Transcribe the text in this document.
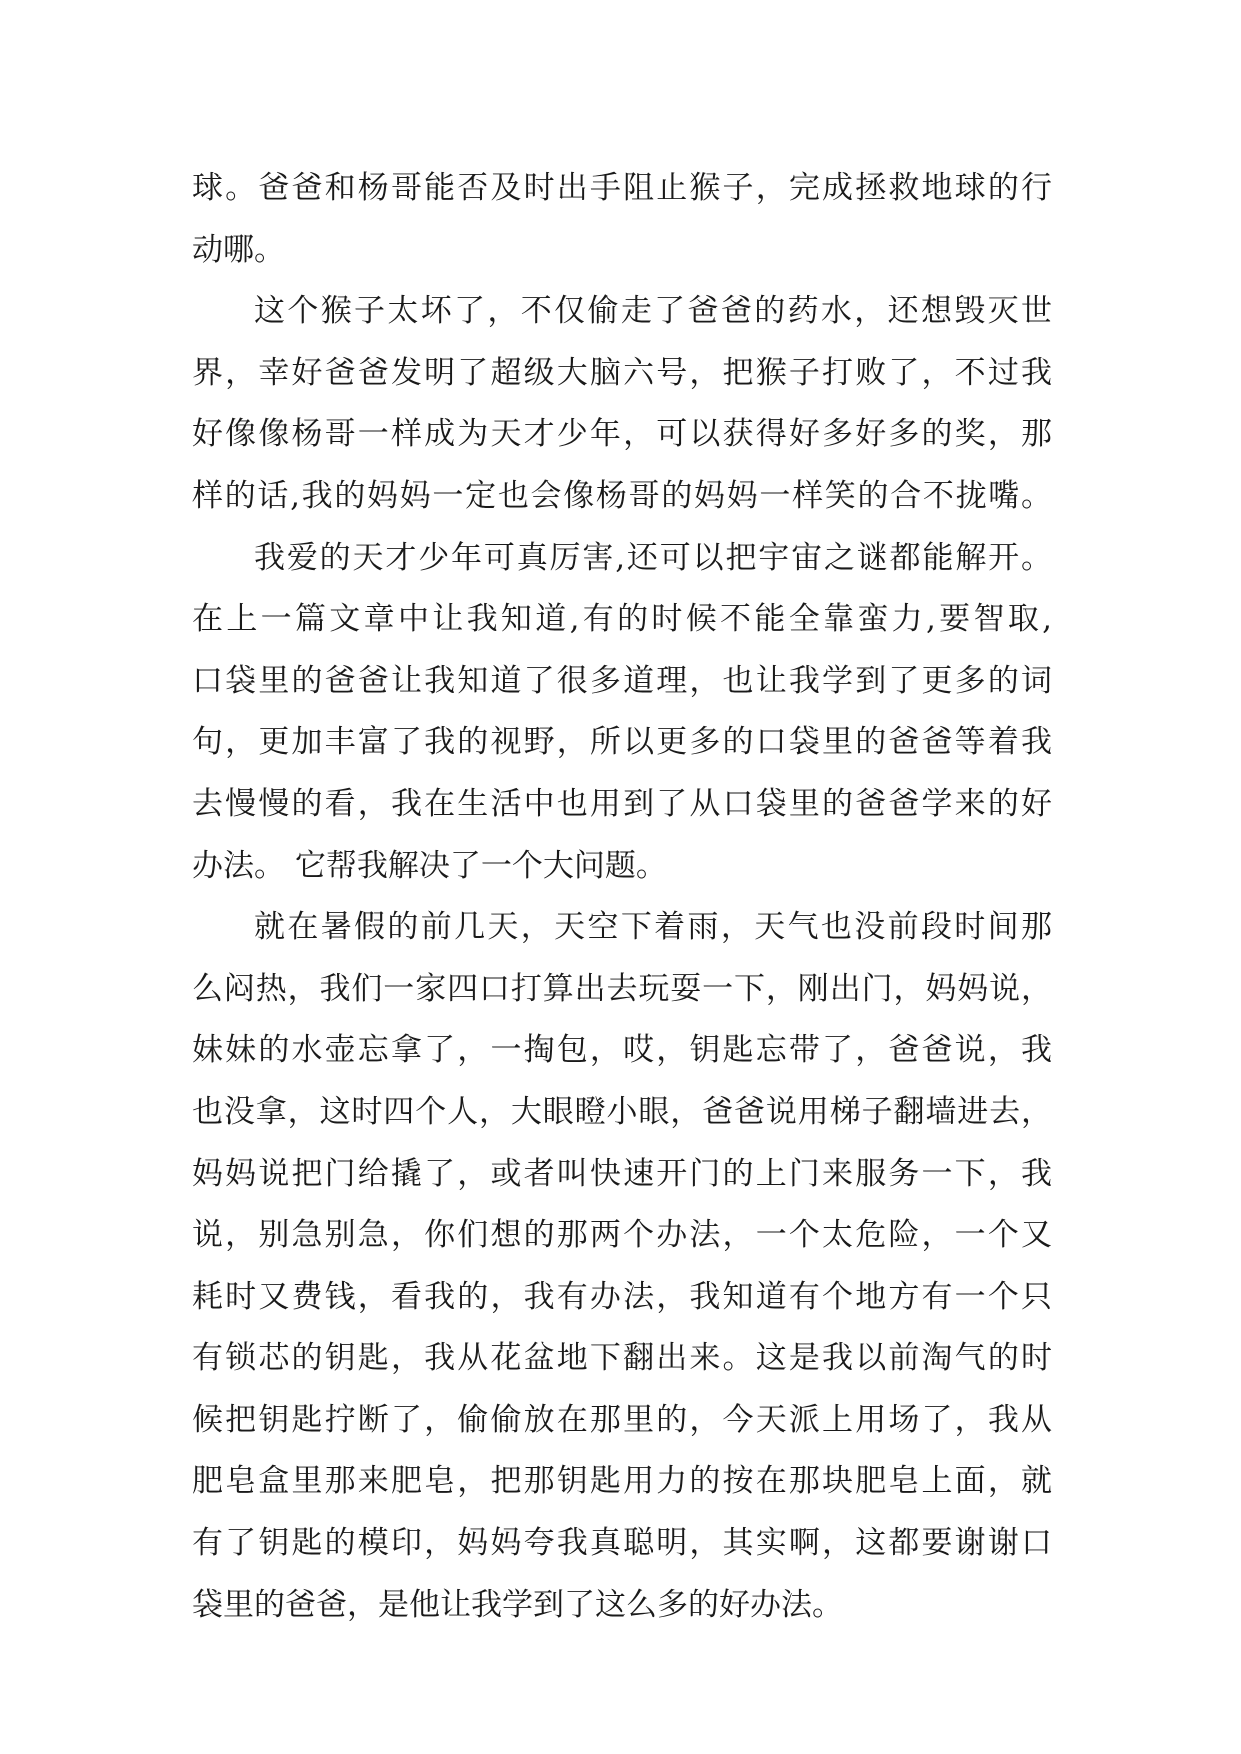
球。爸爸和杨哥能否及时出手阻止猴子，完成拯救地球的行
动哪。
这个猴子太坏了，不仅偷走了爸爸的药水，还想毁灭世
界，幸好爸爸发明了超级大脑六号，把猴子打败了，不过我
好像像杨哥一样成为天才少年，可以获得好多好多的奖，那
样的话,我的妈妈一定也会像杨哥的妈妈一样笑的合不拢嘴。
我爱的天才少年可真厉害,还可以把宇宙之谜都能解开。
在上一篇文章中让我知道,有的时候不能全靠蛮力,要智取,
口袋里的爸爸让我知道了很多道理，也让我学到了更多的词
句，更加丰富了我的视野，所以更多的口袋里的爸爸等着我
去慢慢的看，我在生活中也用到了从口袋里的爸爸学来的好
办法。 它帮我解决了一个大问题。
就在暑假的前几天，天空下着雨，天气也没前段时间那
么闷热，我们一家四口打算出去玩耍一下，刚出门，妈妈说，
妹妹的水壶忘拿了，一掏包，哎，钥匙忘带了，爸爸说，我
也没拿，这时四个人，大眼瞪小眼，爸爸说用梯子翻墙进去，
妈妈说把门给撬了，或者叫快速开门的上门来服务一下，我
说，别急别急，你们想的那两个办法，一个太危险，一个又
耗时又费钱，看我的，我有办法，我知道有个地方有一个只
有锁芯的钥匙，我从花盆地下翻出来。这是我以前淘气的时
候把钥匙拧断了，偷偷放在那里的，今天派上用场了，我从
肥皂盒里那来肥皂，把那钥匙用力的按在那块肥皂上面，就
有了钥匙的模印，妈妈夸我真聪明，其实啊，这都要谢谢口
袋里的爸爸，是他让我学到了这么多的好办法。
